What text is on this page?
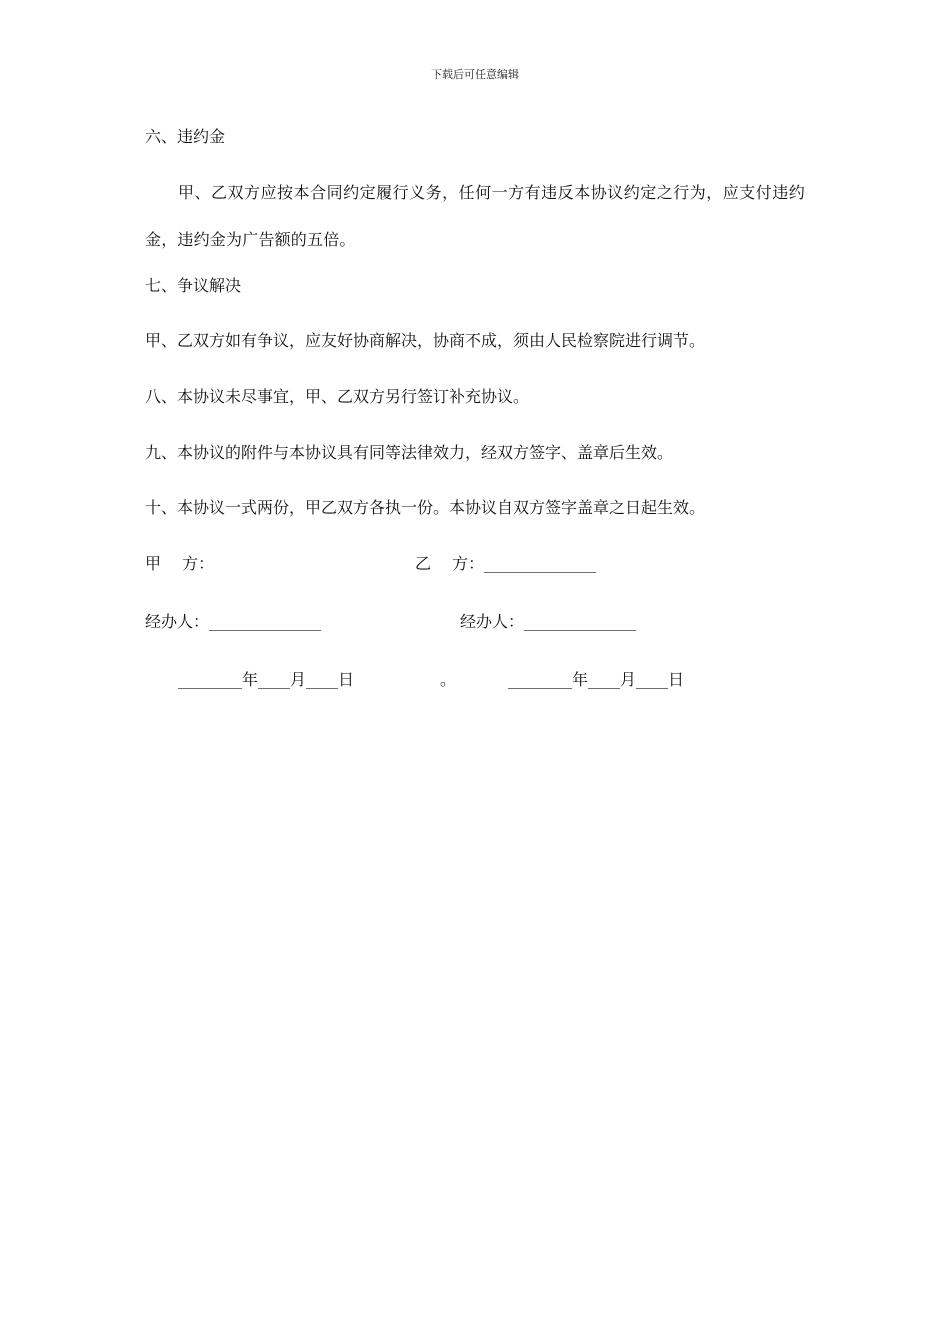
下载后可任意编辑
六、违约金
甲、乙双方应按本合同约定履行义务，任何一方有违反本协议约定之行为，应支付违约金，违约金为广告额的五倍。
七、争议解决
甲、乙双方如有争议，应友好协商解决，协商不成，须由人民检察院进行调节。
八、本协议未尽事宜，甲、乙双方另行签订补充协议。
九、本协议的附件与本协议具有同等法律效力，经双方签字、盖章后生效。
十、本协议一式两份，甲乙双方各执一份。本协议自双方签字盖章之日起生效。
甲　 方：	乙　 方：______________
经办人：______________	经办人：______________
________年____月____日	。	________年____月____日
